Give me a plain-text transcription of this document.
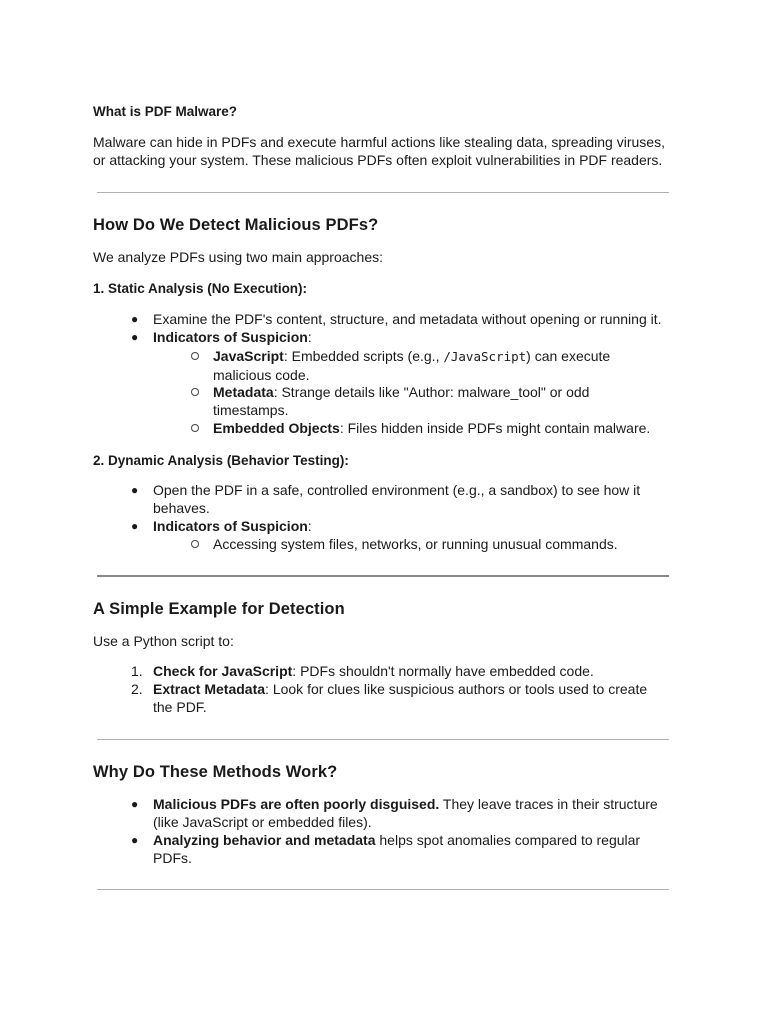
What is PDF Malware?
Malware can hide in PDFs and execute harmful actions like stealing data, spreading viruses,
or attacking your system. These malicious PDFs often exploit vulnerabilities in PDF readers.
How Do We Detect Malicious PDFs?
We analyze PDFs using two main approaches:
1. Static Analysis (No Execution):
● Examine the PDF's content, structure, and metadata without opening or running it.
● Indicators of Suspicion:
JavaScript: Embedded scripts (e.g., /JavaScript) can execute
malicious code.
Metadata: Strange details like "Author: malware_tool" or odd
timestamps.
Embedded Objects: Files hidden inside PDFs might contain malware.
2. Dynamic Analysis (Behavior Testing):
● Open the PDF in a safe, controlled environment (e.g., a sandbox) to see how it
behaves.
● Indicators of Suspicion:
Accessing system files, networks, or running unusual commands.
A Simple Example for Detection
Use a Python script to:
1. Check for JavaScript: PDFs shouldn't normally have embedded code.
2. Extract Metadata: Look for clues like suspicious authors or tools used to create
the PDF.
Why Do These Methods Work?
● Malicious PDFs are often poorly disguised. They leave traces in their structure
(like JavaScript or embedded files).
● Analyzing behavior and metadata helps spot anomalies compared to regular
PDFs.
